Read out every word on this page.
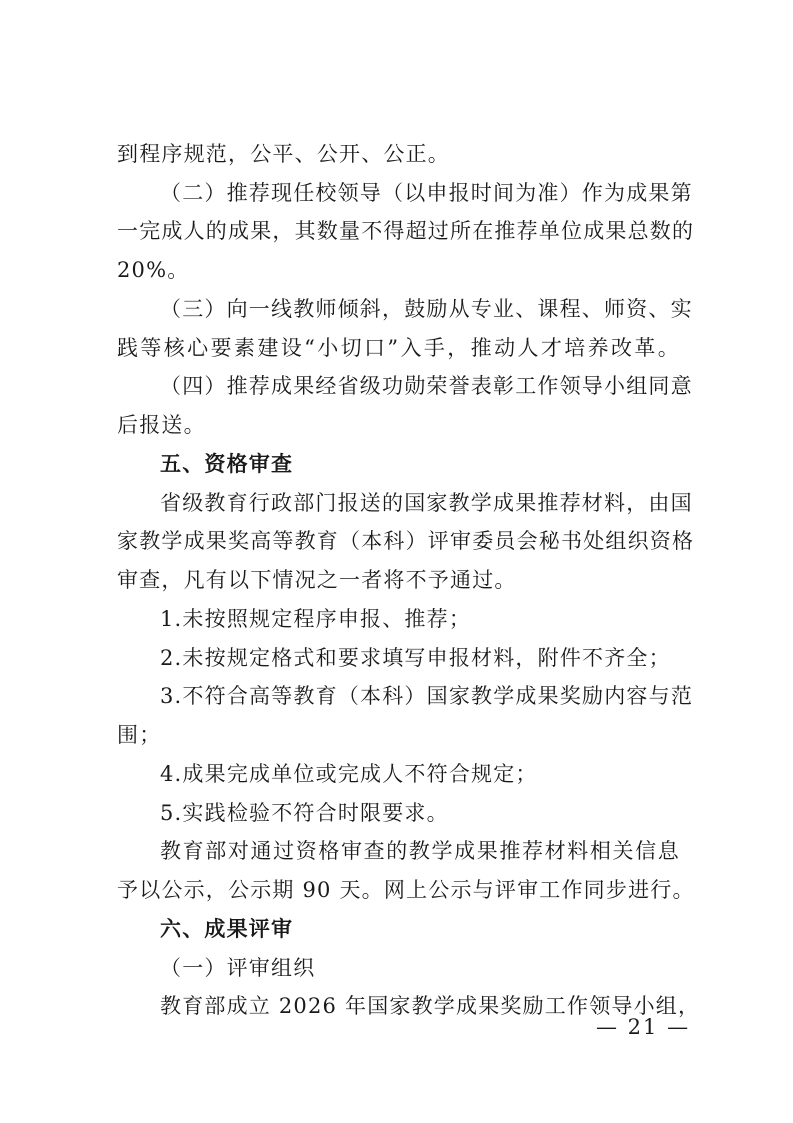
到程序规范，公平、公开、公正。
（二）推荐现任校领导（以申报时间为准）作为成果第
一完成人的成果，其数量不得超过所在推荐单位成果总数的
20%。
（三）向一线教师倾斜，鼓励从专业、课程、师资、实
践等核心要素建设“小切口”入手，推动人才培养改革。
（四）推荐成果经省级功勋荣誉表彰工作领导小组同意
后报送。
五、资格审查
省级教育行政部门报送的国家教学成果推荐材料，由国
家教学成果奖高等教育（本科）评审委员会秘书处组织资格
审查，凡有以下情况之一者将不予通过。
1.未按照规定程序申报、推荐；
2.未按规定格式和要求填写申报材料，附件不齐全；
3.不符合高等教育（本科）国家教学成果奖励内容与范
围；
4.成果完成单位或完成人不符合规定；
5.实践检验不符合时限要求。
教育部对通过资格审查的教学成果推荐材料相关信息
予以公示，公示期 90 天。网上公示与评审工作同步进行。
六、成果评审
（一）评审组织
教育部成立 2026 年国家教学成果奖励工作领导小组，
— 21 —
